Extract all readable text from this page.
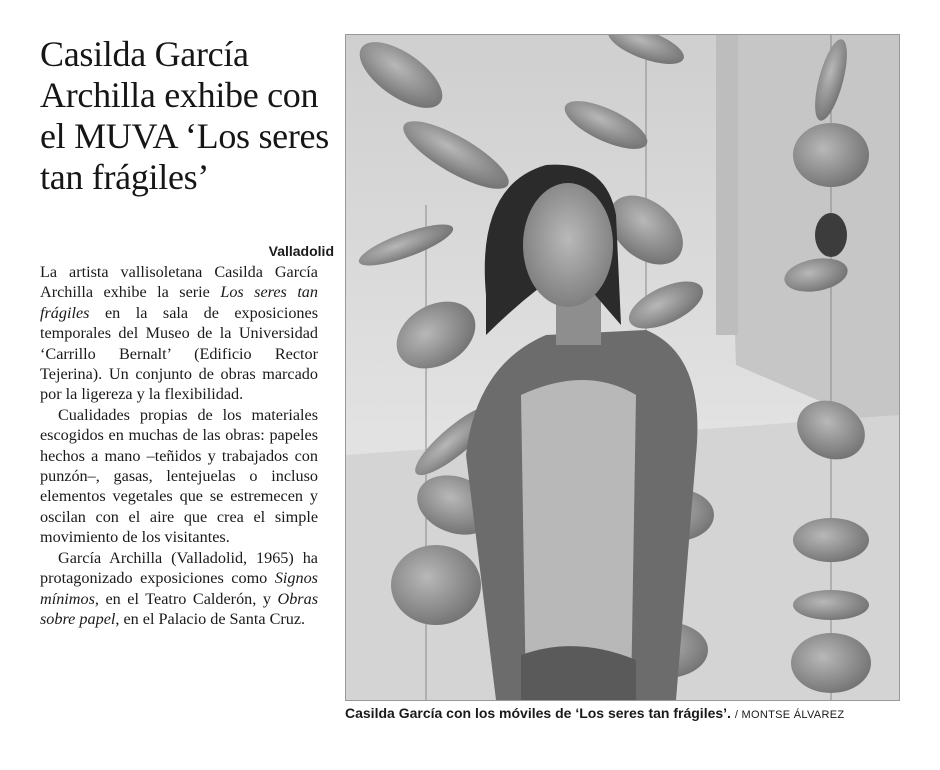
Casilda García Archilla exhibe con el MUVA ‘Los seres tan frágiles’
Valladolid

La artista vallisoletana Casilda García Archilla exhibe la serie Los seres tan frágiles en la sala de exposiciones temporales del Museo de la Universidad ‘Carrillo Bernalt’ (Edificio Rector Tejerina). Un conjunto de obras marcado por la ligereza y la flexibilidad.

Cualidades propias de los materiales escogidos en muchas de las obras: papeles hechos a mano –teñidos y trabajados con punzón–, gasas, lentejuelas o incluso elementos vegetales que se estremecen y oscilan con el aire que crea el simple movimiento de los visitantes.

García Archilla (Valladolid, 1965) ha protagonizado exposiciones como Signos mínimos, en el Teatro Calderón, y Obras sobre papel, en el Palacio de Santa Cruz.

Casilda García con los móviles de ‘Los seres tan frágiles’. / MONTSE ÁLVAREZ
